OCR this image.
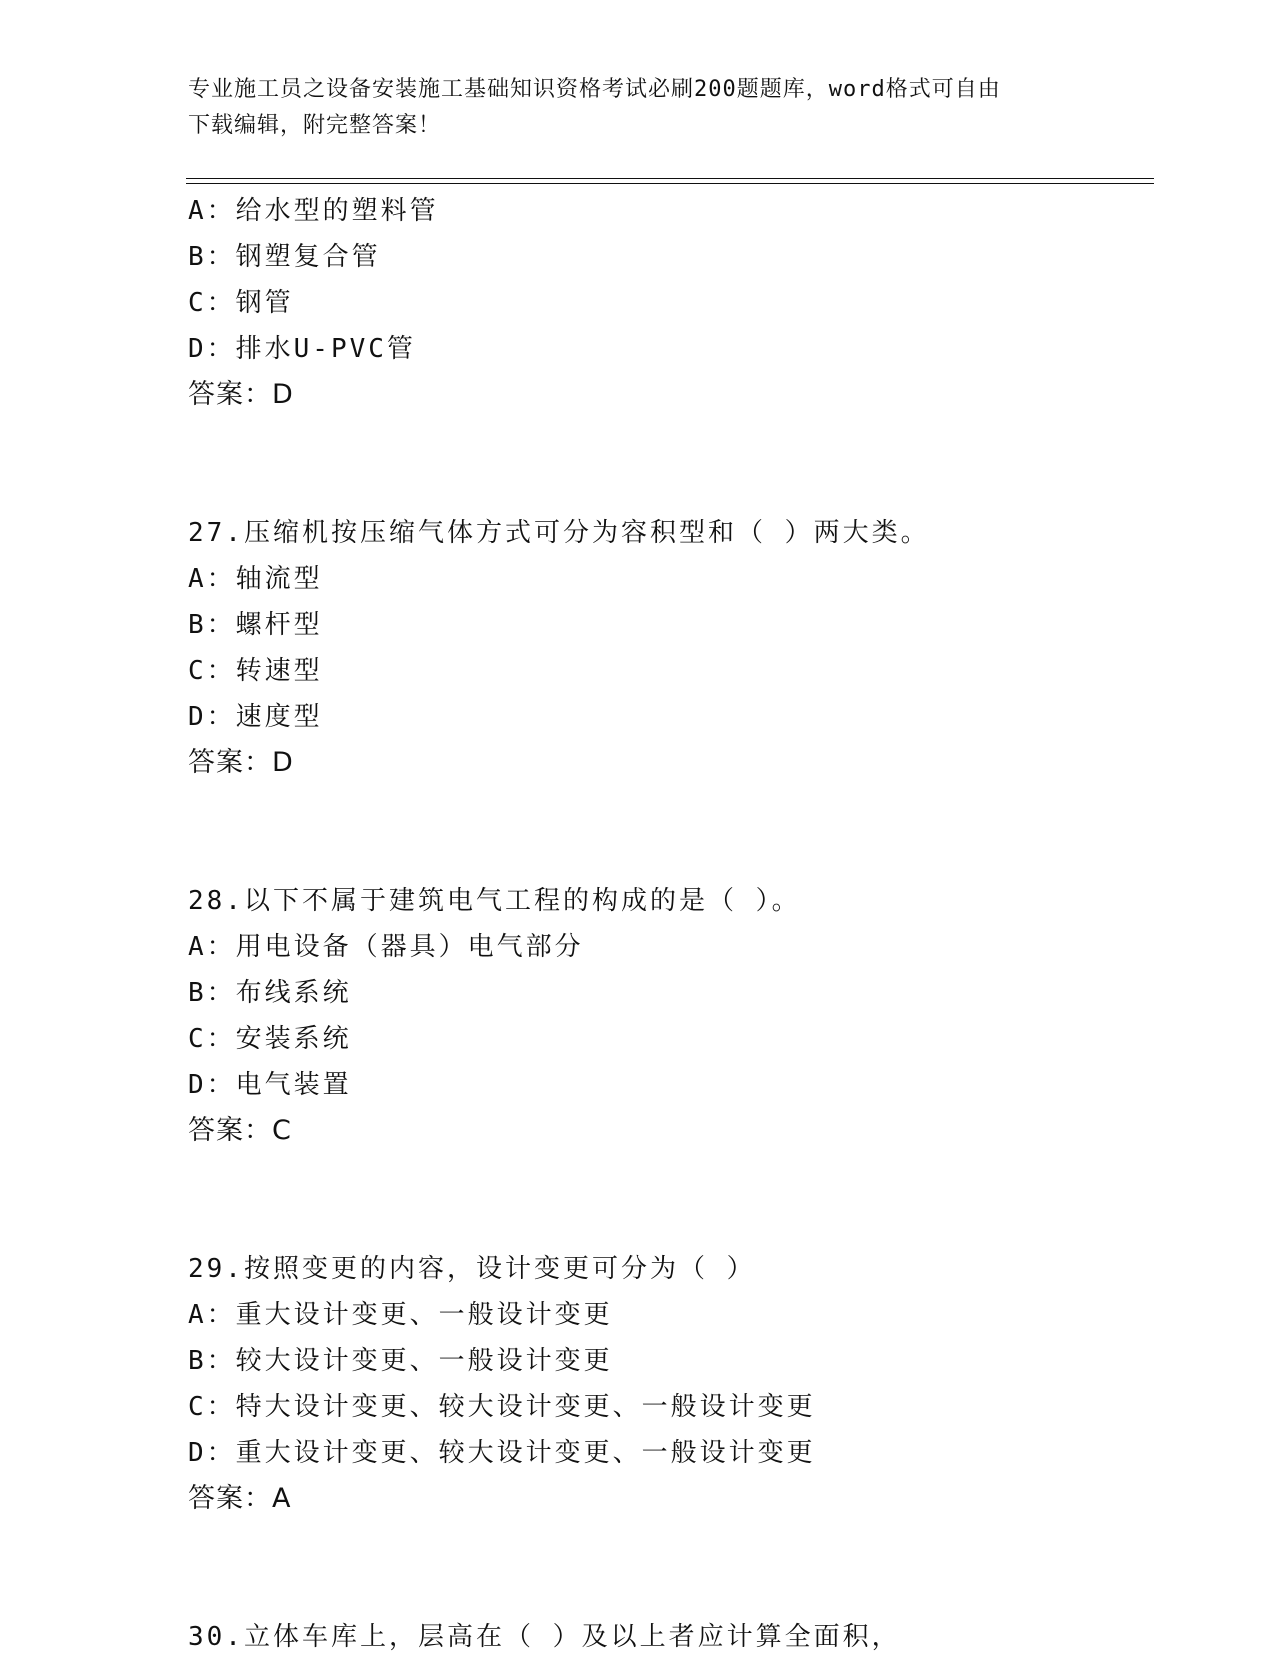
专业施工员之设备安装施工基础知识资格考试必刷200题题库，word格式可自由
下载编辑，附完整答案！
A：给水型的塑料管
B：钢塑复合管
C：钢管
D：排水U-PVC管
答案：D
27.压缩机按压缩气体方式可分为容积型和（ ）两大类。
A：轴流型
B：螺杆型
C：转速型
D：速度型
答案：D
28.以下不属于建筑电气工程的构成的是（ ）。
A：用电设备（器具）电气部分
B：布线系统
C：安装系统
D：电气装置
答案：C
29.按照变更的内容，设计变更可分为（ ）
A：重大设计变更、一般设计变更
B：较大设计变更、一般设计变更
C：特大设计变更、较大设计变更、一般设计变更
D：重大设计变更、较大设计变更、一般设计变更
答案：A
30.立体车库上，层高在（ ）及以上者应计算全面积，
